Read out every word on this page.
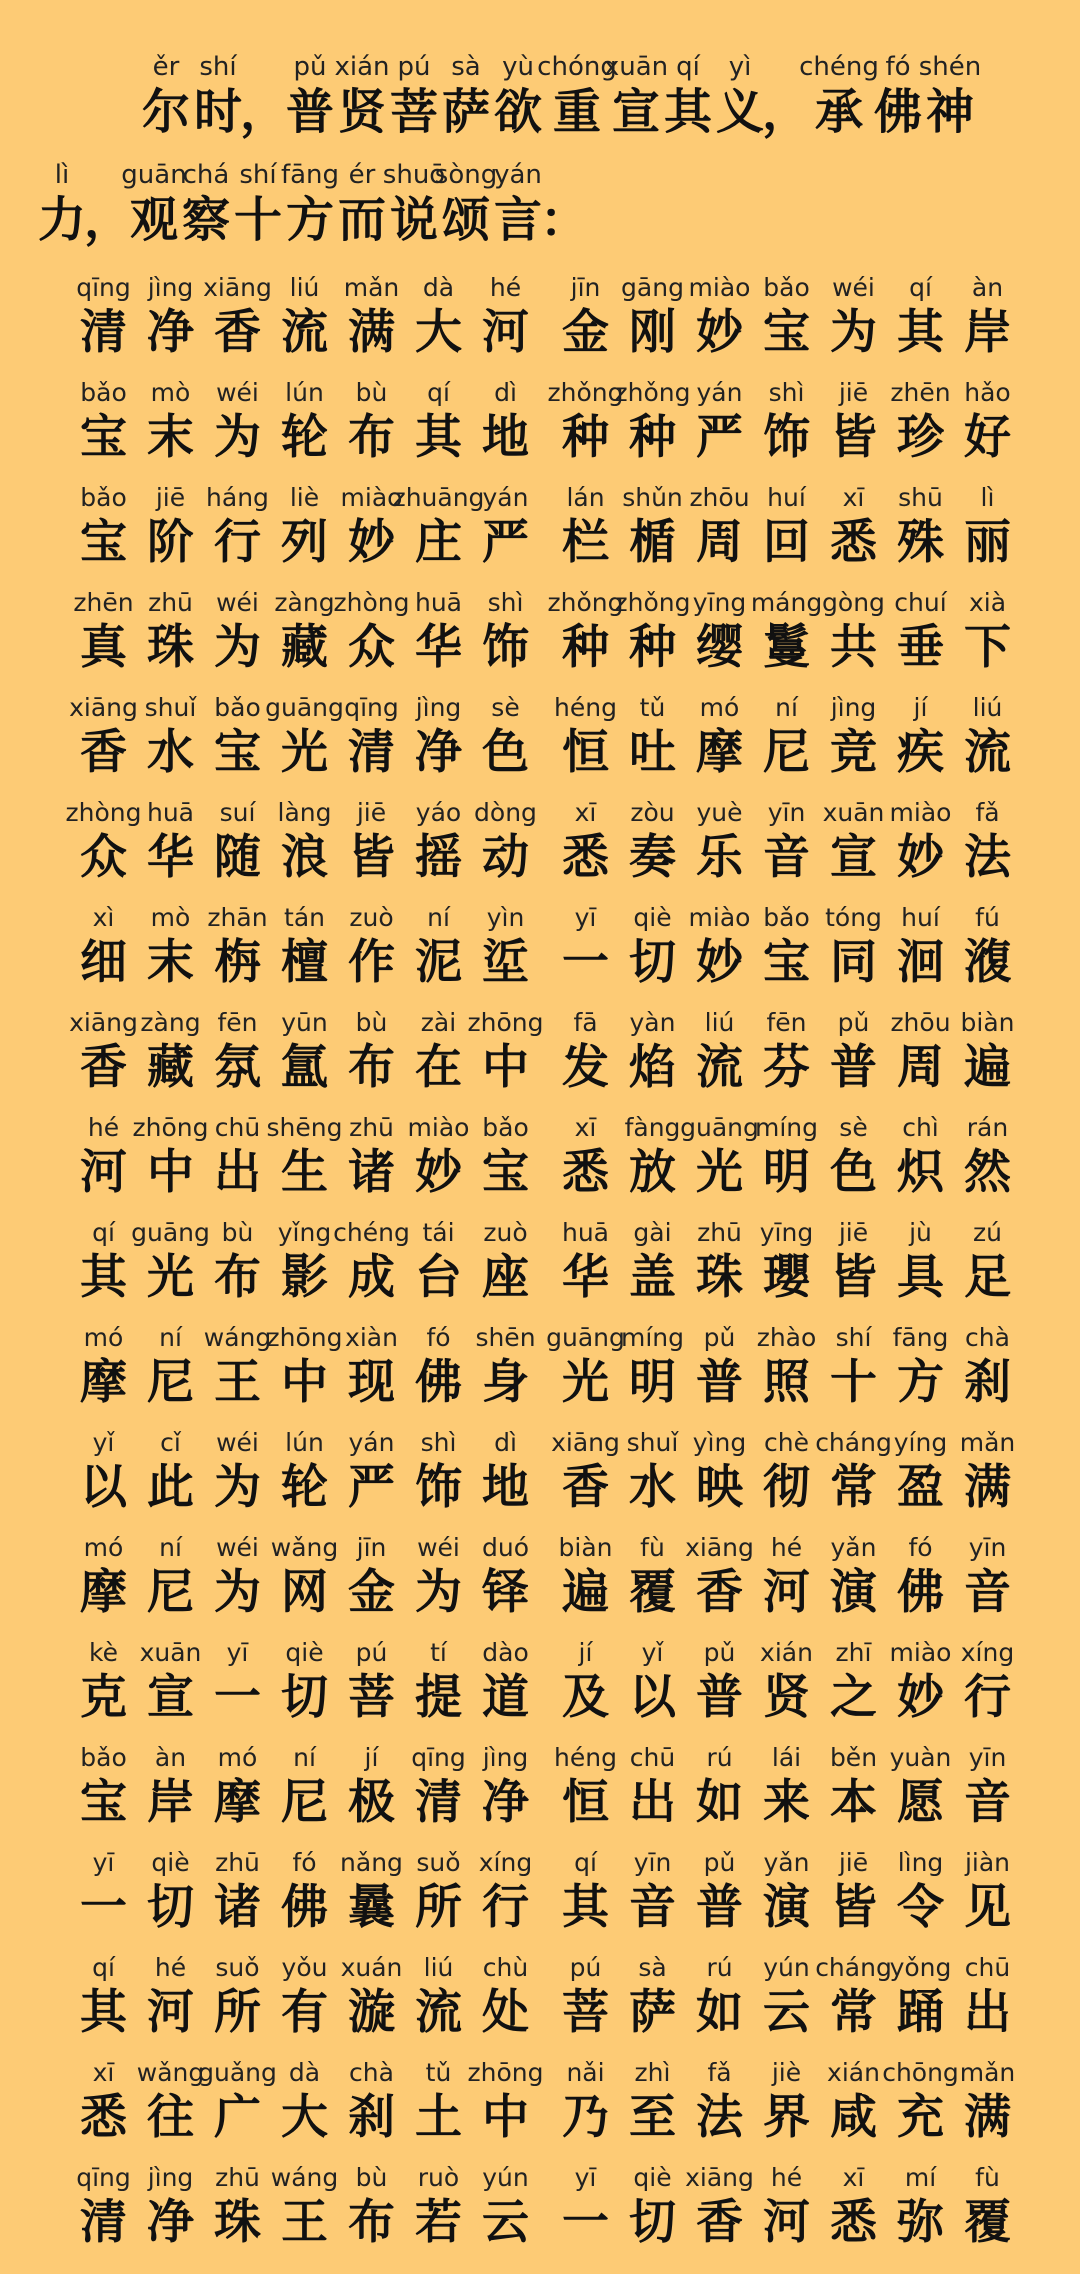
ěr
尔
shí
时
，
pǔ
普
xián
贤
pú
菩
sà
萨
yù
欲
chóng
重
xuān
宣
qí
其
yì
义
，
chéng
承
fó
佛
shén
神
lì
力
，
guān
观
chá
察
shí
十
fāng
方
ér
而
shuō
说
sòng
颂
yán
言
：
qīng
清
jìng
净
xiāng
香
liú
流
mǎn
满
dà
大
hé
河
jīn
金
gāng
刚
miào
妙
bǎo
宝
wéi
为
qí
其
àn
岸
bǎo
宝
mò
末
wéi
为
lún
轮
bù
布
qí
其
dì
地
zhǒng
种
zhǒng
种
yán
严
shì
饰
jiē
皆
zhēn
珍
hǎo
好
bǎo
宝
jiē
阶
háng
行
liè
列
miào
妙
zhuāng
庄
yán
严
lán
栏
shǔn
楯
zhōu
周
huí
回
xī
悉
shū
殊
lì
丽
zhēn
真
zhū
珠
wéi
为
zàng
藏
zhòng
众
huā
华
shì
饰
zhǒng
种
zhǒng
种
yīng
缨
máng
鬘
gòng
共
chuí
垂
xià
下
xiāng
香
shuǐ
水
bǎo
宝
guāng
光
qīng
清
jìng
净
sè
色
héng
恒
tǔ
吐
mó
摩
ní
尼
jìng
竞
jí
疾
liú
流
zhòng
众
huā
华
suí
随
làng
浪
jiē
皆
yáo
摇
dòng
动
xī
悉
zòu
奏
yuè
乐
yīn
音
xuān
宣
miào
妙
fǎ
法
xì
细
mò
末
zhān
栴
tán
檀
zuò
作
ní
泥
yìn
垽
yī
一
qiè
切
miào
妙
bǎo
宝
tóng
同
huí
洄
fú
澓
xiāng
香
zàng
藏
fēn
氛
yūn
氲
bù
布
zài
在
zhōng
中
fā
发
yàn
焰
liú
流
fēn
芬
pǔ
普
zhōu
周
biàn
遍
hé
河
zhōng
中
chū
出
shēng
生
zhū
诸
miào
妙
bǎo
宝
xī
悉
fàng
放
guāng
光
míng
明
sè
色
chì
炽
rán
然
qí
其
guāng
光
bù
布
yǐng
影
chéng
成
tái
台
zuò
座
huā
华
gài
盖
zhū
珠
yīng
瓔
jiē
皆
jù
具
zú
足
mó
摩
ní
尼
wáng
王
zhōng
中
xiàn
现
fó
佛
shēn
身
guāng
光
míng
明
pǔ
普
zhào
照
shí
十
fāng
方
chà
刹
yǐ
以
cǐ
此
wéi
为
lún
轮
yán
严
shì
饰
dì
地
xiāng
香
shuǐ
水
yìng
映
chè
彻
cháng
常
yíng
盈
mǎn
满
mó
摩
ní
尼
wéi
为
wǎng
网
jīn
金
wéi
为
duó
铎
biàn
遍
fù
覆
xiāng
香
hé
河
yǎn
演
fó
佛
yīn
音
kè
克
xuān
宣
yī
一
qiè
切
pú
菩
tí
提
dào
道
jí
及
yǐ
以
pǔ
普
xián
贤
zhī
之
miào
妙
xíng
行
bǎo
宝
àn
岸
mó
摩
ní
尼
jí
极
qīng
清
jìng
净
héng
恒
chū
出
rú
如
lái
来
běn
本
yuàn
愿
yīn
音
yī
一
qiè
切
zhū
诸
fó
佛
nǎng
曩
suǒ
所
xíng
行
qí
其
yīn
音
pǔ
普
yǎn
演
jiē
皆
lìng
令
jiàn
见
qí
其
hé
河
suǒ
所
yǒu
有
xuán
漩
liú
流
chù
处
pú
菩
sà
萨
rú
如
yún
云
cháng
常
yǒng
踊
chū
出
xī
悉
wǎng
往
guǎng
广
dà
大
chà
刹
tǔ
土
zhōng
中
nǎi
乃
zhì
至
fǎ
法
jiè
界
xián
咸
chōng
充
mǎn
满
qīng
清
jìng
净
zhū
珠
wáng
王
bù
布
ruò
若
yún
云
yī
一
qiè
切
xiāng
香
hé
河
xī
悉
mí
弥
fù
覆
